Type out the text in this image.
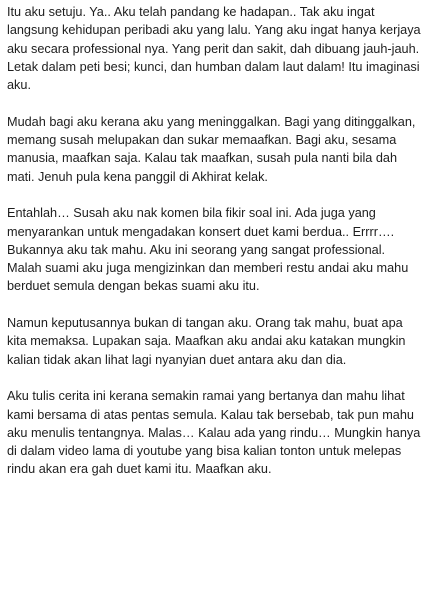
Itu aku setuju. Ya.. Aku telah pandang ke hadapan.. Tak aku ingat langsung kehidupan peribadi aku yang lalu. Yang aku ingat hanya kerjaya aku secara professional nya. Yang perit dan sakit, dah dibuang jauh-jauh. Letak dalam peti besi; kunci, dan humban dalam laut dalam! Itu imaginasi aku.

Mudah bagi aku kerana aku yang meninggalkan. Bagi yang ditinggalkan, memang susah melupakan dan sukar memaafkan. Bagi aku, sesama manusia, maafkan saja. Kalau tak maafkan, susah pula nanti bila dah mati. Jenuh pula kena panggil di Akhirat kelak.

Entahlah… Susah aku nak komen bila fikir soal ini. Ada juga yang menyarankan untuk mengadakan konsert duet kami berdua.. Errrr…. Bukannya aku tak mahu. Aku ini seorang yang sangat professional. Malah suami aku juga mengizinkan dan memberi restu andai aku mahu berduet semula dengan bekas suami aku itu.

Namun keputusannya bukan di tangan aku. Orang tak mahu, buat apa kita memaksa. Lupakan saja. Maafkan aku andai aku katakan mungkin kalian tidak akan lihat lagi nyanyian duet antara aku dan dia.

Aku tulis cerita ini kerana semakin ramai yang bertanya dan mahu lihat kami bersama di atas pentas semula. Kalau tak bersebab, tak pun mahu aku menulis tentangnya. Malas… Kalau ada yang rindu… Mungkin hanya di dalam video lama di youtube yang bisa kalian tonton untuk melepas rindu akan era gah duet kami itu. Maafkan aku.
